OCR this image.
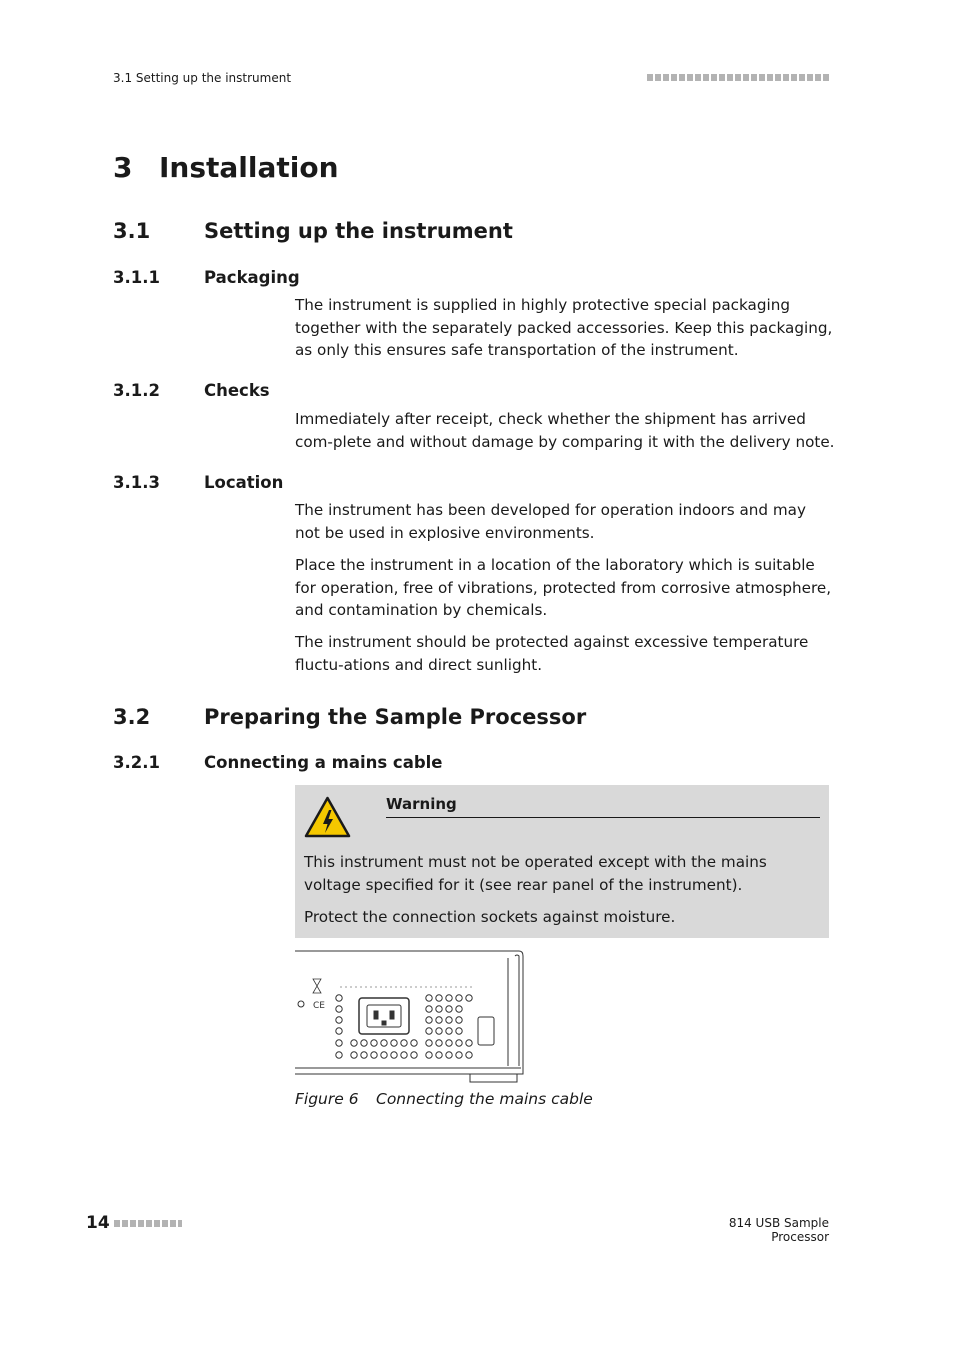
3.1 Setting up the instrument
3 Installation
3.1	Setting up the instrument
3.1.1	Packaging
The instrument is supplied in highly protective special packaging together with the separately packed accessories. Keep this packaging, as only this ensures safe transportation of the instrument.
3.1.2	Checks
Immediately after receipt, check whether the shipment has arrived com-plete and without damage by comparing it with the delivery note.
3.1.3	Location
The instrument has been developed for operation indoors and may not be used in explosive environments.
Place the instrument in a location of the laboratory which is suitable for operation, free of vibrations, protected from corrosive atmosphere, and contamination by chemicals.
The instrument should be protected against excessive temperature fluctu-ations and direct sunlight.
3.2	Preparing the Sample Processor
3.2.1	Connecting a mains cable
Warning
This instrument must not be operated except with the mains voltage specified for it (see rear panel of the instrument).
Protect the connection sockets against moisture.
CE
Figure 6 Connecting the mains cable
14	814 USB Sample Processor
